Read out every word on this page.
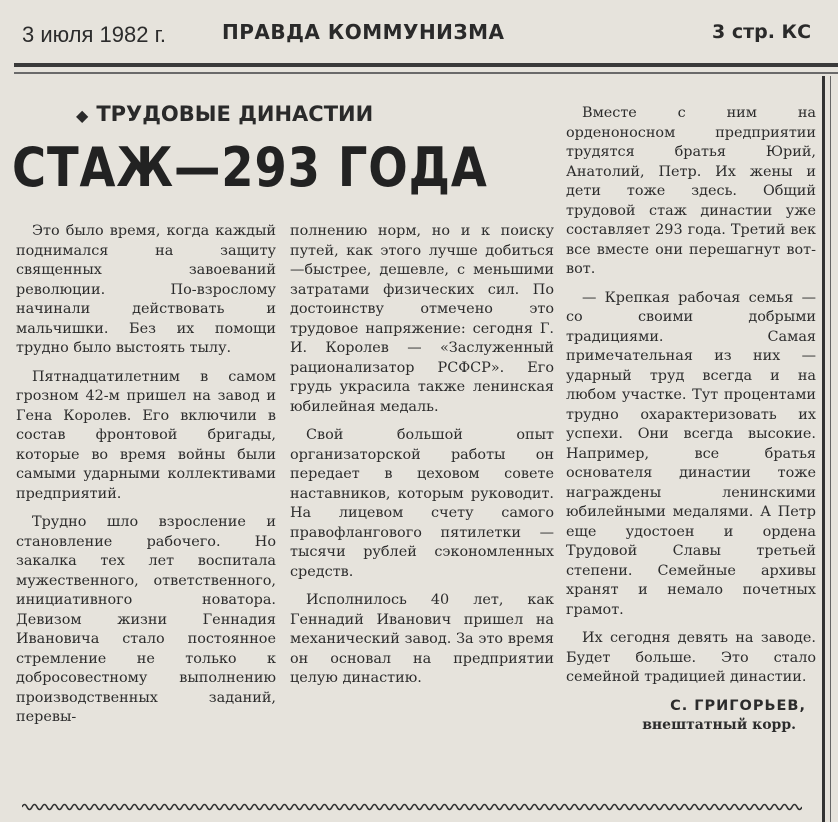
3 июля 1982 г.	ПРАВДА КОММУНИЗМА	3 стр. КС
◆ ТРУДОВЫЕ ДИНАСТИИ
СТАЖ—293 ГОДА

Это было время, когда каждый поднимался на защиту священных завоеваний революции. По-взрослому начинали действовать и мальчишки. Без их помощи трудно было выстоять тылу.

Пятнадцатилетним в самом грозном 42-м пришел на завод и Гена Королев. Его включили в состав фронтовой бригады, которые во время войны были самыми ударными коллективами предприятий.

Трудно шло взросление и становление рабочего. Но закалка тех лет воспитала мужественного, ответственного, инициативного новатора. Девизом жизни Геннадия Ивановича стало постоянное стремление не только к добросовестному выполнению производственных заданий, перевы-

полнению норм, но и к поиску путей, как этого лучше добиться—быстрее, дешевле, с меньшими затратами физических сил. По достоинству отмечено это трудовое напряжение: сегодня Г. И. Королев — «Заслуженный рационализатор РСФСР». Его грудь украсила также ленинская юбилейная медаль.

Свой большой опыт организаторской работы он передает в цеховом совете наставников, которым руководит. На лицевом счету самого правофлангового пятилетки — тысячи рублей сэкономленных средств.

Исполнилось 40 лет, как Геннадий Иванович пришел на механический завод. За это время он основал на предприятии целую династию.

Вместе с ним на орденоносном предприятии трудятся братья Юрий, Анатолий, Петр. Их жены и дети тоже здесь. Общий трудовой стаж династии уже составляет 293 года. Третий век все вместе они перешагнут вот-вот.

— Крепкая рабочая семья — со своими добрыми традициями. Самая примечательная из них —ударный труд всегда и на любом участке. Тут процентами трудно охарактеризовать их успехи. Они всегда высокие. Например, все братья основателя династии тоже награждены ленинскими юбилейными медалями. А Петр еще удостоен и ордена Трудовой Славы третьей степени. Семейные архивы хранят и немало почетных грамот.

Их сегодня девять на заводе. Будет больше. Это стало семейной традицией династии.

С. ГРИГОРЬЕВ,
внештатный корр.
